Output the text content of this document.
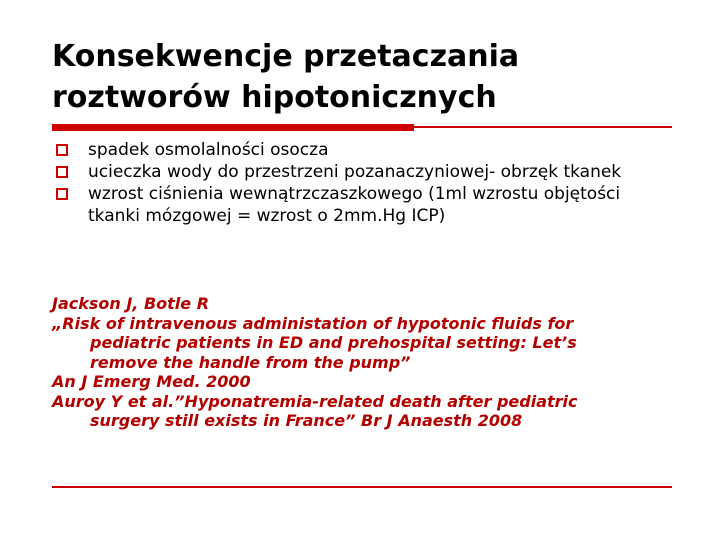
Konsekwencje przetaczania
roztworów hipotonicznych
spadek osmolalności osocza
ucieczka wody do przestrzeni pozanaczyniowej- obrzęk tkanek
wzrost ciśnienia wewnątrzczaszkowego (1ml wzrostu objętości tkanki mózgowej = wzrost o 2mm.Hg ICP)
Jackson J, Botle R
„Risk of intravenous administation of hypotonic fluids for
pediatric patients in ED and prehospital setting: Let’s
remove the handle from the pump”
An J Emerg Med. 2000
Auroy Y et al.”Hyponatremia-related death after pediatric
surgery still exists in France” Br J Anaesth 2008
